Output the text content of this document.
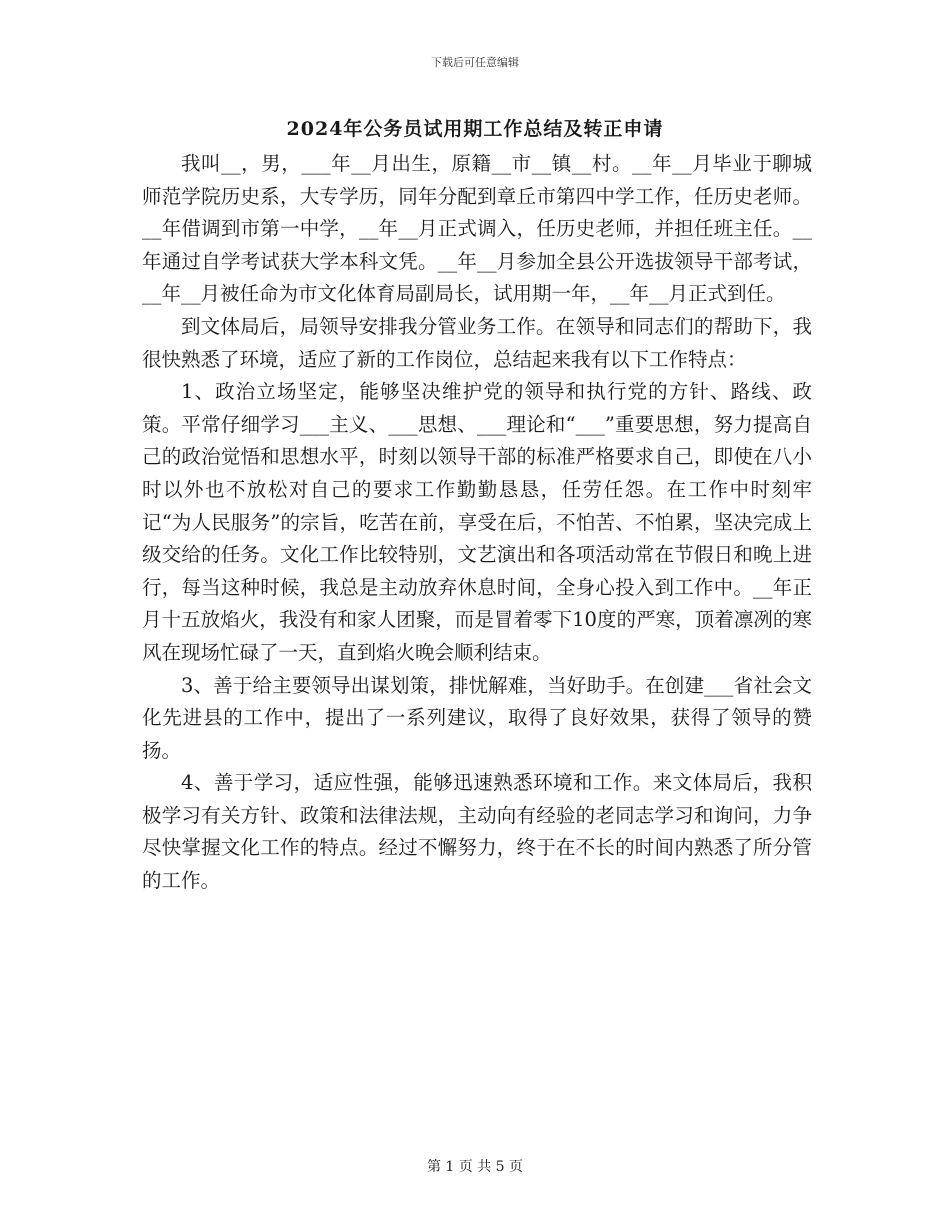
下载后可任意编辑
2024年公务员试用期工作总结及转正申请

我叫__，男，___年__月出生，原籍__市__镇__村。__年__月毕业于聊城师范学院历史系，大专学历，同年分配到章丘市第四中学工作，任历史老师。__年借调到市第一中学，__年__月正式调入，任历史老师，并担任班主任。__年通过自学考试获大学本科文凭。__年__月参加全县公开选拔领导干部考试，__年__月被任命为市文化体育局副局长，试用期一年，__年__月正式到任。

到文体局后，局领导安排我分管业务工作。在领导和同志们的帮助下，我很快熟悉了环境，适应了新的工作岗位，总结起来我有以下工作特点：

1、政治立场坚定，能够坚决维护党的领导和执行党的方针、路线、政策。平常仔细学习___主义、___思想、___理论和“___”重要思想，努力提高自己的政治觉悟和思想水平，时刻以领导干部的标准严格要求自己，即使在八小时以外也不放松对自己的要求工作勤勤恳恳，任劳任怨。在工作中时刻牢记“为人民服务”的宗旨，吃苦在前，享受在后，不怕苦、不怕累，坚决完成上级交给的任务。文化工作比较特别，文艺演出和各项活动常在节假日和晚上进行，每当这种时候，我总是主动放弃休息时间，全身心投入到工作中。__年正月十五放焰火，我没有和家人团聚，而是冒着零下10度的严寒，顶着凛冽的寒风在现场忙碌了一天，直到焰火晚会顺利结束。

3、善于给主要领导出谋划策，排忧解难，当好助手。在创建___省社会文化先进县的工作中，提出了一系列建议，取得了良好效果，获得了领导的赞扬。

4、善于学习，适应性强，能够迅速熟悉环境和工作。来文体局后，我积极学习有关方针、政策和法律法规，主动向有经验的老同志学习和询问，力争尽快掌握文化工作的特点。经过不懈努力，终于在不长的时间内熟悉了所分管的工作。

第 1 页 共 5 页
